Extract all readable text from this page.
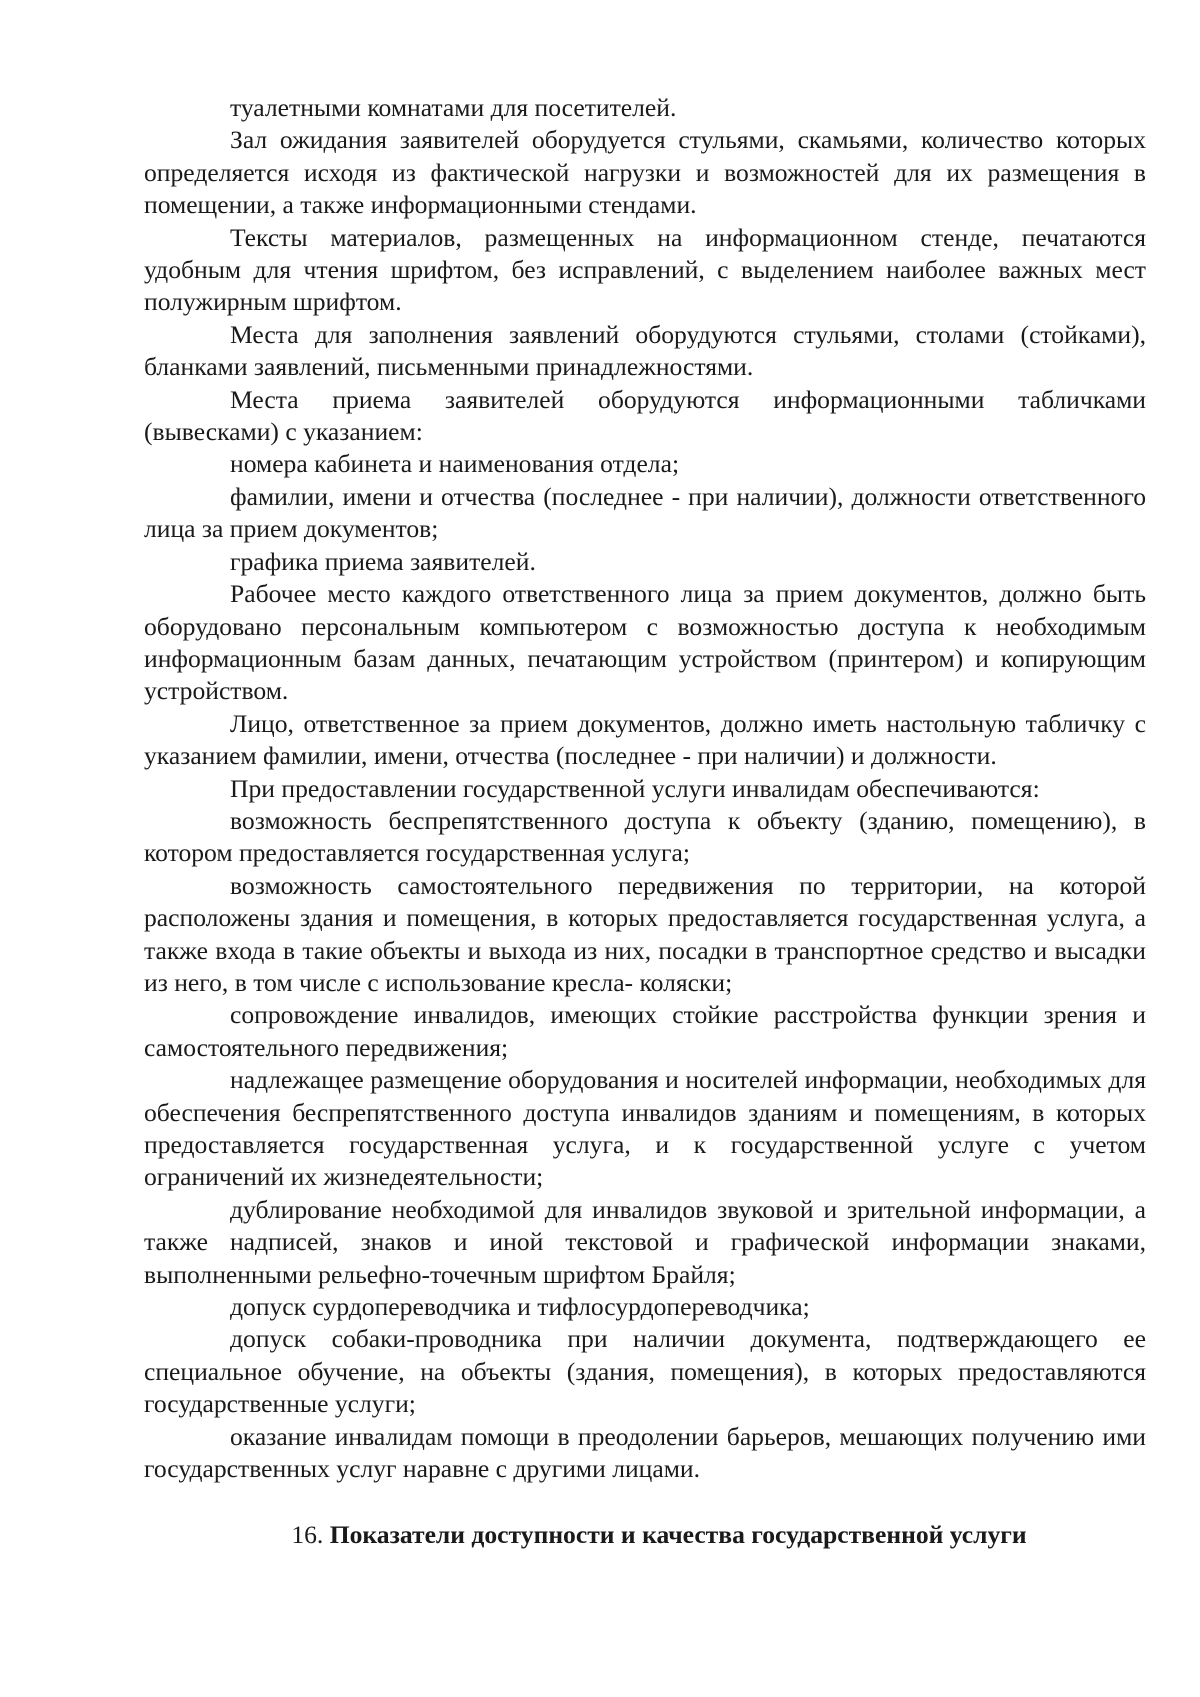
туалетными комнатами для посетителей.

Зал ожидания заявителей оборудуется стульями, скамьями, количество которых определяется исходя из фактической нагрузки и возможностей для их размещения в помещении, а также информационными стендами.

Тексты материалов, размещенных на информационном стенде, печатаются удобным для чтения шрифтом, без исправлений, с выделением наиболее важных мест полужирным шрифтом.

Места для заполнения заявлений оборудуются стульями, столами (стойками), бланками заявлений, письменными принадлежностями.

Места приема заявителей оборудуются информационными табличками (вывесками) с указанием:

номера кабинета и наименования отдела;

фамилии, имени и отчества (последнее - при наличии), должности ответственного лица за прием документов;

графика приема заявителей.

Рабочее место каждого ответственного лица за прием документов, должно быть оборудовано персональным компьютером с возможностью доступа к необходимым информационным базам данных, печатающим устройством (принтером) и копирующим устройством.

Лицо, ответственное за прием документов, должно иметь настольную табличку с указанием фамилии, имени, отчества (последнее - при наличии) и должности.

При предоставлении государственной услуги инвалидам обеспечиваются:

возможность беспрепятственного доступа к объекту (зданию, помещению), в котором предоставляется государственная услуга;

возможность самостоятельного передвижения по территории, на которой расположены здания и помещения, в которых предоставляется государственная услуга, а также входа в такие объекты и выхода из них, посадки в транспортное средство и высадки из него, в том числе с использование кресла- коляски;

сопровождение инвалидов, имеющих стойкие расстройства функции зрения и самостоятельного передвижения;

надлежащее размещение оборудования и носителей информации, необходимых для обеспечения беспрепятственного доступа инвалидов зданиям и помещениям, в которых предоставляется государственная услуга, и к государственной услуге с учетом ограничений их жизнедеятельности;

дублирование необходимой для инвалидов звуковой и зрительной информации, а также надписей, знаков и иной текстовой и графической информации знаками, выполненными рельефно-точечным шрифтом Брайля;

допуск сурдопереводчика и тифлосурдопереводчика;

допуск собаки-проводника при наличии документа, подтверждающего ее специальное обучение, на объекты (здания, помещения), в которых предоставляются государственные услуги;

оказание инвалидам помощи в преодолении барьеров, мешающих получению ими государственных услуг наравне с другими лицами.

16. Показатели доступности и качества государственной услуги
